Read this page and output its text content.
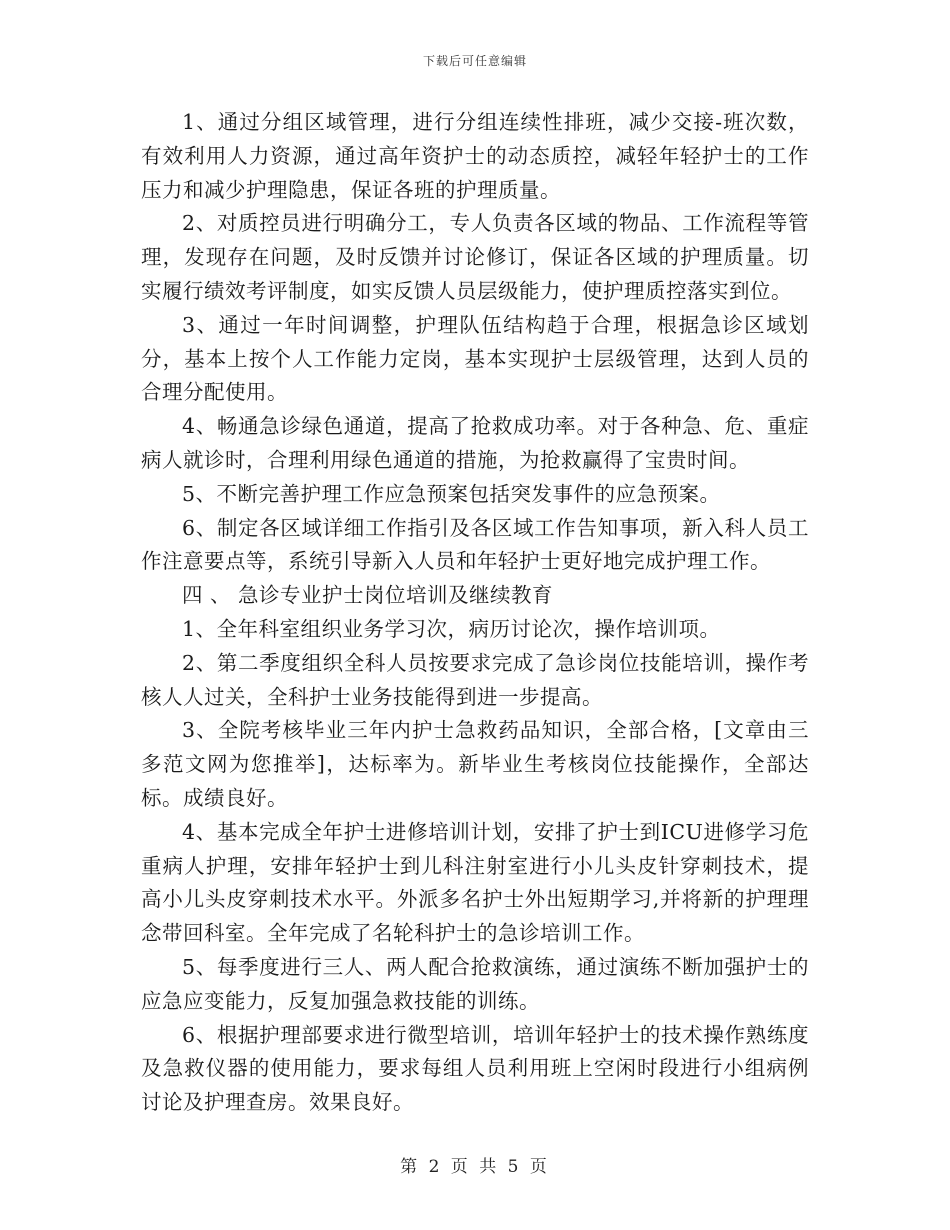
下载后可任意编辑

1、通过分组区域管理，进行分组连续性排班，减少交接-班次数，有效利用人力资源，通过高年资护士的动态质控，减轻年轻护士的工作压力和减少护理隐患，保证各班的护理质量。

2、对质控员进行明确分工，专人负责各区域的物品、工作流程等管理，发现存在问题，及时反馈并讨论修订，保证各区域的护理质量。切实履行绩效考评制度，如实反馈人员层级能力，使护理质控落实到位。

3、通过一年时间调整，护理队伍结构趋于合理，根据急诊区域划分，基本上按个人工作能力定岗，基本实现护士层级管理，达到人员的合理分配使用。

4、畅通急诊绿色通道，提高了抢救成功率。对于各种急、危、重症病人就诊时，合理利用绿色通道的措施，为抢救赢得了宝贵时间。

5、不断完善护理工作应急预案包括突发事件的应急预案。

6、制定各区域详细工作指引及各区域工作告知事项，新入科人员工作注意要点等，系统引导新入人员和年轻护士更好地完成护理工作。

四 、 急诊专业护士岗位培训及继续教育

1、全年科室组织业务学习次，病历讨论次，操作培训项。

2、第二季度组织全科人员按要求完成了急诊岗位技能培训，操作考核人人过关，全科护士业务技能得到进一步提高。

3、全院考核毕业三年内护士急救药品知识，全部合格，[文章由三多范文网为您推举]，达标率为。新毕业生考核岗位技能操作，全部达标。成绩良好。

4、基本完成全年护士进修培训计划，安排了护士到ICU进修学习危重病人护理，安排年轻护士到儿科注射室进行小儿头皮针穿刺技术，提高小儿头皮穿刺技术水平。外派多名护士外出短期学习,并将新的护理理念带回科室。全年完成了名轮科护士的急诊培训工作。

5、每季度进行三人、两人配合抢救演练，通过演练不断加强护士的应急应变能力，反复加强急救技能的训练。

6、根据护理部要求进行微型培训，培训年轻护士的技术操作熟练度及急救仪器的使用能力，要求每组人员利用班上空闲时段进行小组病例讨论及护理查房。效果良好。

第 2 页 共 5 页
